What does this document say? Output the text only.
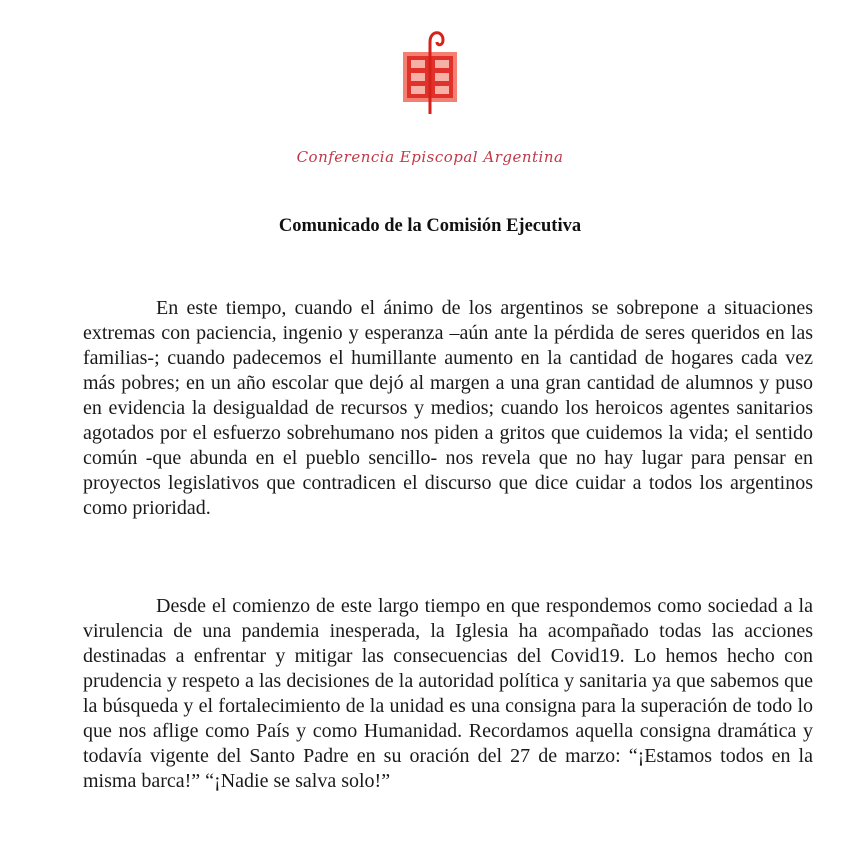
Conferencia Episcopal Argentina
Comunicado de la Comisión Ejecutiva

En este tiempo, cuando el ánimo de los argentinos se sobrepone a situaciones extremas con paciencia, ingenio y esperanza –aún ante la pérdida de seres queridos en las familias-; cuando padecemos el humillante aumento en la cantidad de hogares cada vez más pobres; en un año escolar que dejó al margen a una gran cantidad de alumnos y puso en evidencia la desigualdad de recursos y medios; cuando los heroicos agentes sanitarios agotados por el esfuerzo sobrehumano nos piden a gritos que cuidemos la vida; el sentido común -que abunda en el pueblo sencillo- nos revela que no hay lugar para pensar en proyectos legislativos que contradicen el discurso que dice cuidar a todos los argentinos como prioridad.

Desde el comienzo de este largo tiempo en que respondemos como sociedad a la virulencia de una pandemia inesperada, la Iglesia ha acompañado todas las acciones destinadas a enfrentar y mitigar las consecuencias del Covid19. Lo hemos hecho con prudencia y respeto a las decisiones de la autoridad política y sanitaria ya que sabemos que la búsqueda y el fortalecimiento de la unidad es una consigna para la superación de todo lo que nos aflige como País y como Humanidad. Recordamos aquella consigna dramática y todavía vigente del Santo Padre en su oración del 27 de marzo: “¡Estamos todos en la misma barca!” “¡Nadie se salva solo!”
